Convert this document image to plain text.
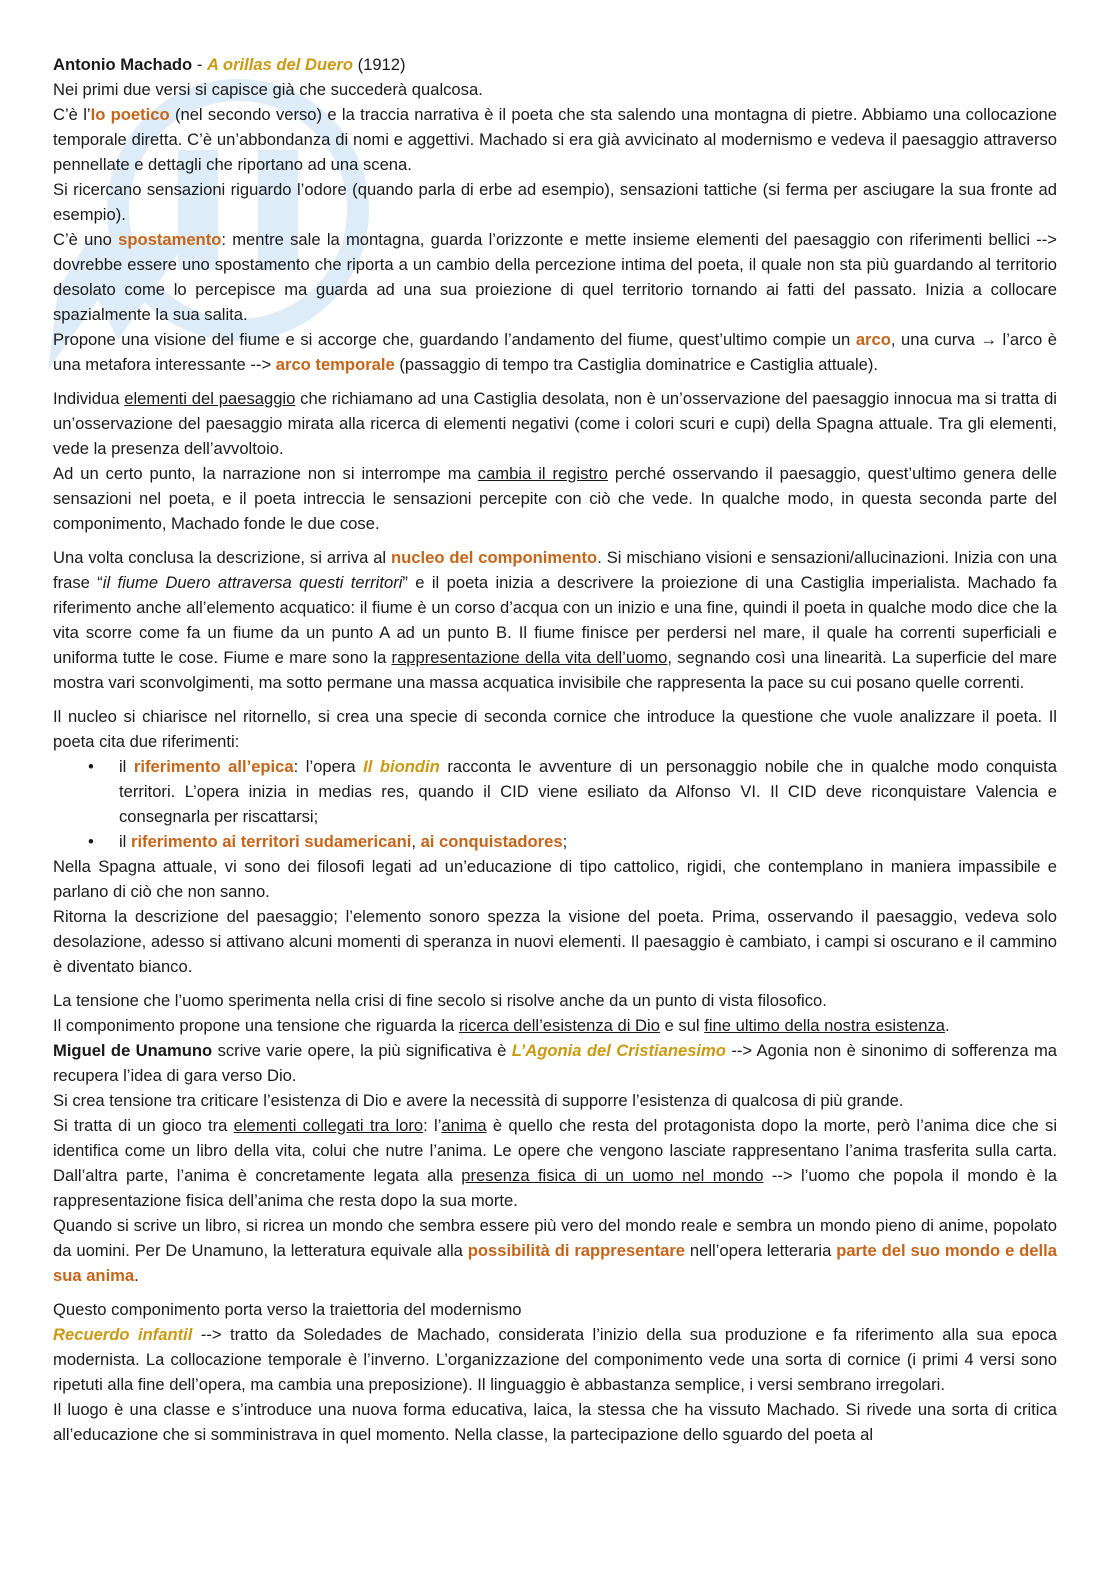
Antonio Machado - A orillas del Duero (1912)

Nei primi due versi si capisce già che succederà qualcosa.

C’è l’Io poetico (nel secondo verso) e la traccia narrativa è il poeta che sta salendo una montagna di pietre. Abbiamo una collocazione temporale diretta. C’è un’abbondanza di nomi e aggettivi. Machado si era già avvicinato al modernismo e vedeva il paesaggio attraverso pennellate e dettagli che riportano ad una scena.

Si ricercano sensazioni riguardo l’odore (quando parla di erbe ad esempio), sensazioni tattiche (si ferma per asciugare la sua fronte ad esempio).

C’è uno spostamento: mentre sale la montagna, guarda l’orizzonte e mette insieme elementi del paesaggio con riferimenti bellici --> dovrebbe essere uno spostamento che riporta a un cambio della percezione intima del poeta, il quale non sta più guardando al territorio desolato come lo percepisce ma guarda ad una sua proiezione di quel territorio tornando ai fatti del passato. Inizia a collocare spazialmente la sua salita.

Propone una visione del fiume e si accorge che, guardando l’andamento del fiume, quest’ultimo compie un arco, una curva → l’arco è una metafora interessante --> arco temporale (passaggio di tempo tra Castiglia dominatrice e Castiglia attuale).

Individua elementi del paesaggio che richiamano ad una Castiglia desolata, non è un’osservazione del paesaggio innocua ma si tratta di un’osservazione del paesaggio mirata alla ricerca di elementi negativi (come i colori scuri e cupi) della Spagna attuale. Tra gli elementi, vede la presenza dell’avvoltoio.

Ad un certo punto, la narrazione non si interrompe ma cambia il registro perché osservando il paesaggio, quest’ultimo genera delle sensazioni nel poeta, e il poeta intreccia le sensazioni percepite con ciò che vede. In qualche modo, in questa seconda parte del componimento, Machado fonde le due cose.

Una volta conclusa la descrizione, si arriva al nucleo del componimento. Si mischiano visioni e sensazioni/allucinazioni. Inizia con una frase “il fiume Duero attraversa questi territori” e il poeta inizia a descrivere la proiezione di una Castiglia imperialista. Machado fa riferimento anche all’elemento acquatico: il fiume è un corso d’acqua con un inizio e una fine, quindi il poeta in qualche modo dice che la vita scorre come fa un fiume da un punto A ad un punto B. Il fiume finisce per perdersi nel mare, il quale ha correnti superficiali e uniforma tutte le cose. Fiume e mare sono la rappresentazione della vita dell’uomo, segnando così una linearità. La superficie del mare mostra vari sconvolgimenti, ma sotto permane una massa acquatica invisibile che rappresenta la pace su cui posano quelle correnti.

Il nucleo si chiarisce nel ritornello, si crea una specie di seconda cornice che introduce la questione che vuole analizzare il poeta. Il poeta cita due riferimenti:

• il riferimento all’epica: l’opera Il biondin racconta le avventure di un personaggio nobile che in qualche modo conquista territori. L’opera inizia in medias res, quando il CID viene esiliato da Alfonso VI. Il CID deve riconquistare Valencia e consegnarla per riscattarsi;
• il riferimento ai territori sudamericani, ai conquistadores;

Nella Spagna attuale, vi sono dei filosofi legati ad un’educazione di tipo cattolico, rigidi, che contemplano in maniera impassibile e parlano di ciò che non sanno.

Ritorna la descrizione del paesaggio; l’elemento sonoro spezza la visione del poeta. Prima, osservando il paesaggio, vedeva solo desolazione, adesso si attivano alcuni momenti di speranza in nuovi elementi. Il paesaggio è cambiato, i campi si oscurano e il cammino è diventato bianco.

La tensione che l’uomo sperimenta nella crisi di fine secolo si risolve anche da un punto di vista filosofico.

Il componimento propone una tensione che riguarda la ricerca dell’esistenza di Dio e sul fine ultimo della nostra esistenza.

Miguel de Unamuno scrive varie opere, la più significativa è L’Agonia del Cristianesimo --> Agonia non è sinonimo di sofferenza ma recupera l’idea di gara verso Dio.

Si crea tensione tra criticare l’esistenza di Dio e avere la necessità di supporre l’esistenza di qualcosa di più grande.

Si tratta di un gioco tra elementi collegati tra loro: l’anima è quello che resta del protagonista dopo la morte, però l’anima dice che si identifica come un libro della vita, colui che nutre l’anima. Le opere che vengono lasciate rappresentano l’anima trasferita sulla carta. Dall’altra parte, l’anima è concretamente legata alla presenza fisica di un uomo nel mondo --> l’uomo che popola il mondo è la rappresentazione fisica dell’anima che resta dopo la sua morte.

Quando si scrive un libro, si ricrea un mondo che sembra essere più vero del mondo reale e sembra un mondo pieno di anime, popolato da uomini. Per De Unamuno, la letteratura equivale alla possibilità di rappresentare nell’opera letteraria parte del suo mondo e della sua anima.

Questo componimento porta verso la traiettoria del modernismo

Recuerdo infantil --> tratto da Soledades de Machado, considerata l’inizio della sua produzione e fa riferimento alla sua epoca modernista. La collocazione temporale è l’inverno. L’organizzazione del componimento vede una sorta di cornice (i primi 4 versi sono ripetuti alla fine dell’opera, ma cambia una preposizione). Il linguaggio è abbastanza semplice, i versi sembrano irregolari.

Il luogo è una classe e s’introduce una nuova forma educativa, laica, la stessa che ha vissuto Machado. Si rivede una sorta di critica all’educazione che si somministrava in quel momento. Nella classe, la partecipazione dello sguardo del poeta al
